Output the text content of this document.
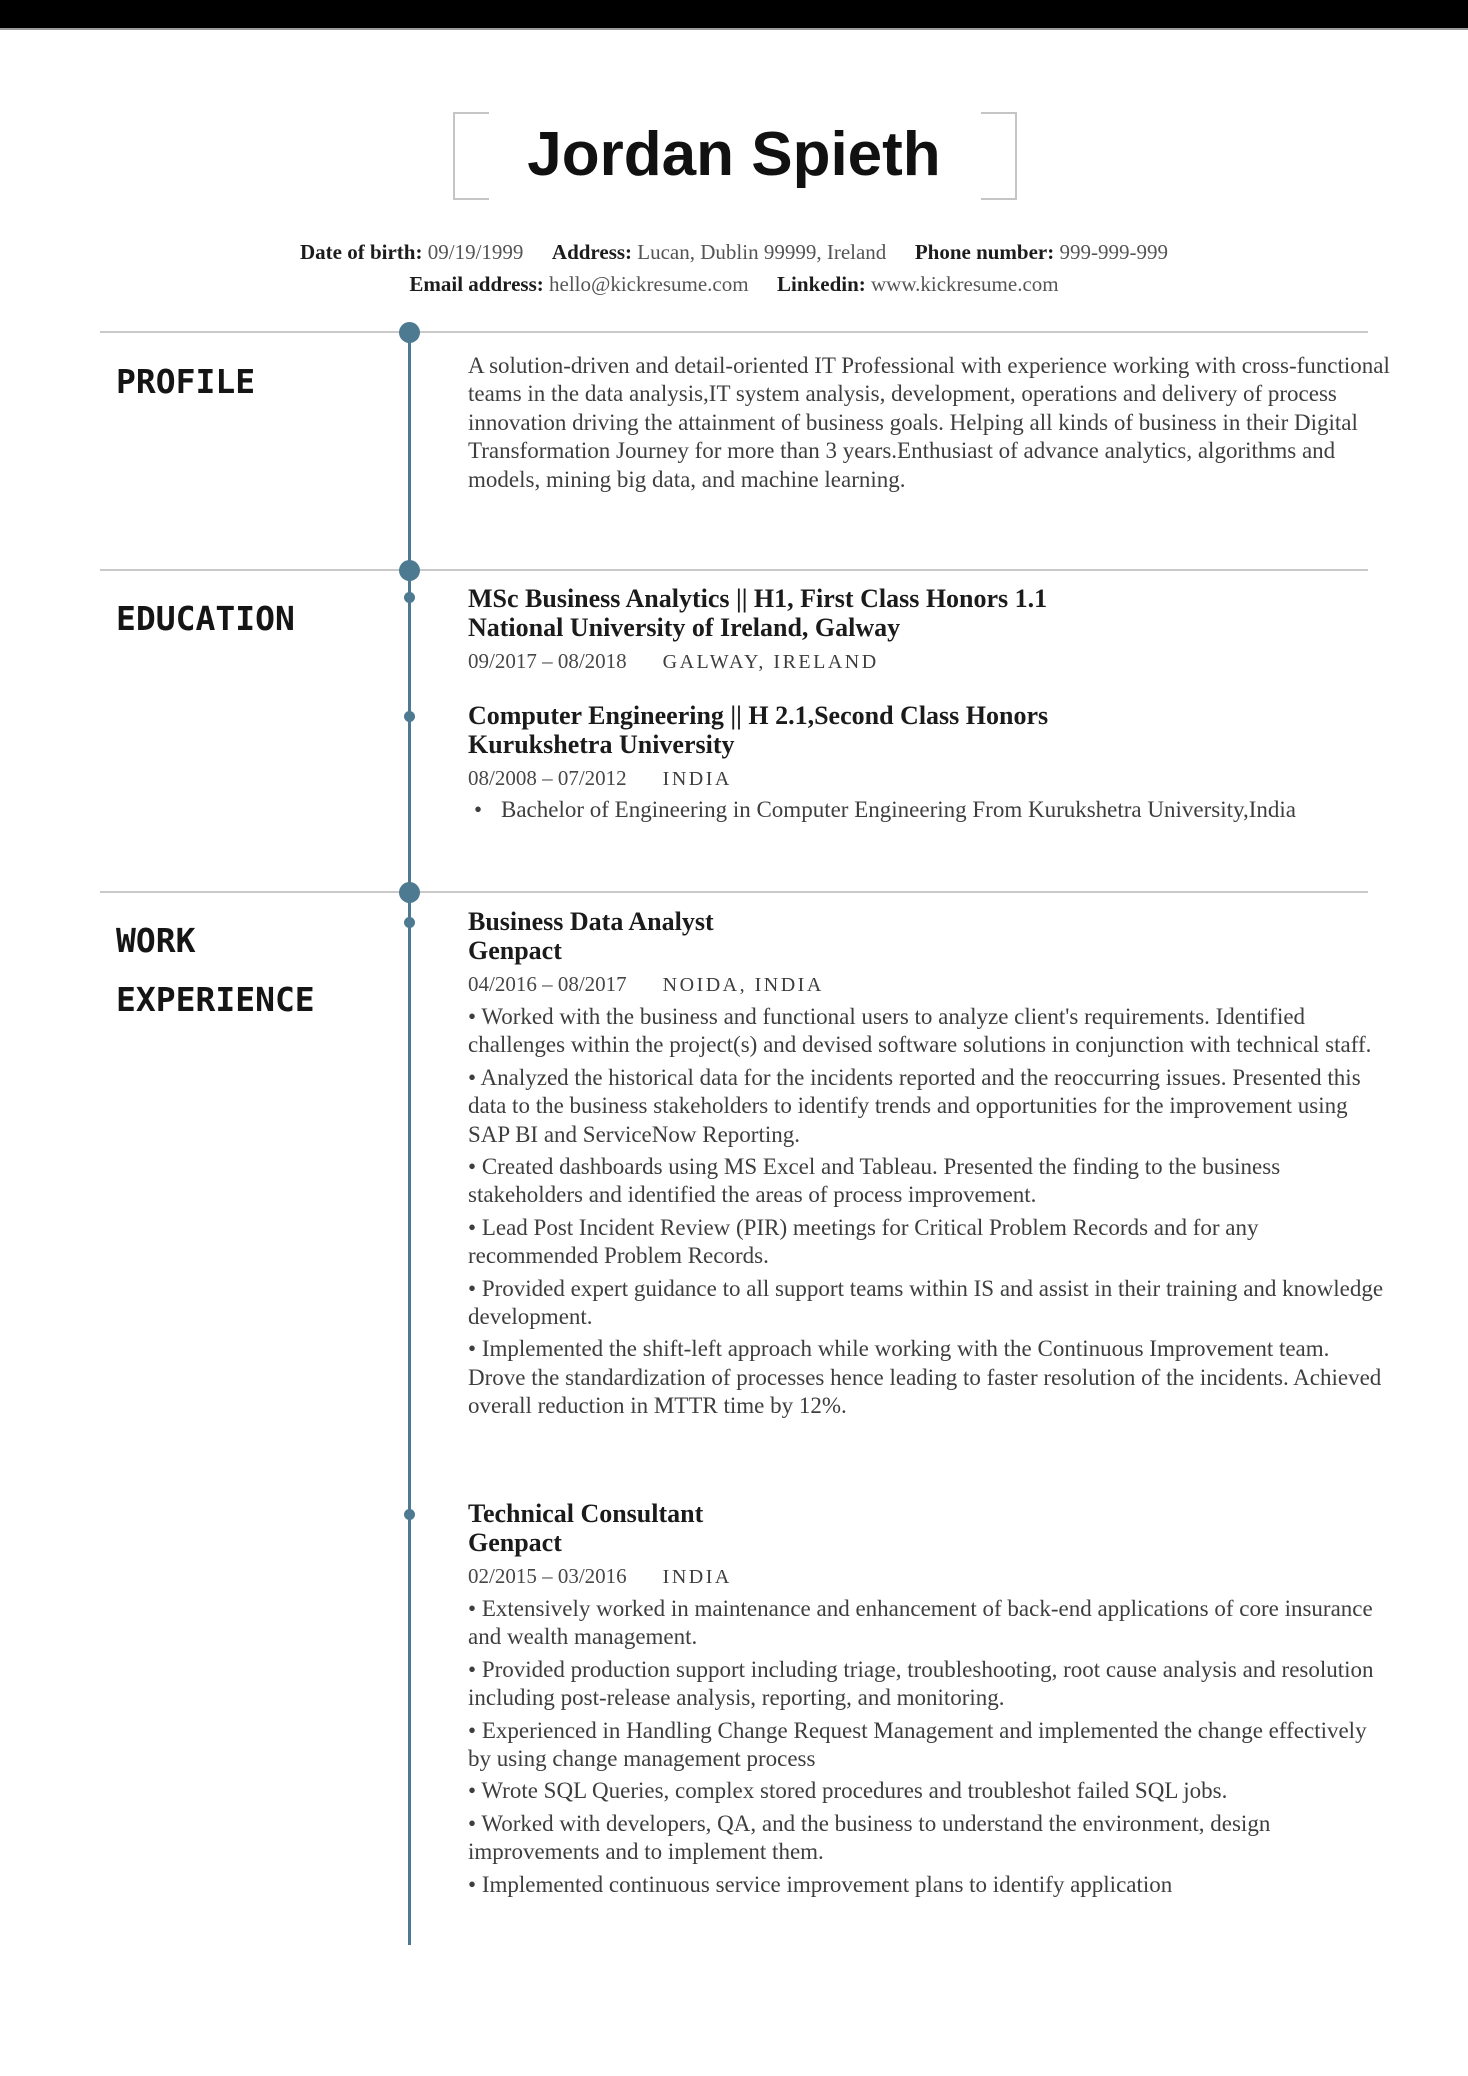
Jordan Spieth
Date of birth: 09/19/1999 Address: Lucan, Dublin 99999, Ireland Phone number: 999-999-999
Email address: hello@kickresume.com Linkedin: www.kickresume.com
PROFILE
EDUCATION
WORK EXPERIENCE
A solution-driven and detail-oriented IT Professional with experience working with cross-functional teams in the data analysis,IT system analysis, development, operations and delivery of process innovation driving the attainment of business goals. Helping all kinds of business in their Digital Transformation Journey for more than 3 years.Enthusiast of advance analytics, algorithms and models, mining big data, and machine learning.
MSc Business Analytics || H1, First Class Honors 1.1
National University of Ireland, Galway
09/2017 – 08/2018 GALWAY, IRELAND
Computer Engineering || H 2.1,Second Class Honors
Kurukshetra University
08/2008 – 07/2012 INDIA
• Bachelor of Engineering in Computer Engineering From Kurukshetra University,India
Business Data Analyst
Genpact
04/2016 – 08/2017 NOIDA, INDIA

• Worked with the business and functional users to analyze client's requirements. Identified challenges within the project(s) and devised software solutions in conjunction with technical staff.

• Analyzed the historical data for the incidents reported and the reoccurring issues. Presented this data to the business stakeholders to identify trends and opportunities for the improvement using SAP BI and ServiceNow Reporting.

• Created dashboards using MS Excel and Tableau. Presented the finding to the business stakeholders and identified the areas of process improvement.

• Lead Post Incident Review (PIR) meetings for Critical Problem Records and for any recommended Problem Records.

• Provided expert guidance to all support teams within IS and assist in their training and knowledge development.

• Implemented the shift-left approach while working with the Continuous Improvement team. Drove the standardization of processes hence leading to faster resolution of the incidents. Achieved overall reduction in MTTR time by 12%.

Technical Consultant
Genpact
02/2015 – 03/2016 INDIA

• Extensively worked in maintenance and enhancement of back-end applications of core insurance and wealth management.

• Provided production support including triage, troubleshooting, root cause analysis and resolution including post-release analysis, reporting, and monitoring.

• Experienced in Handling Change Request Management and implemented the change effectively by using change management process

• Wrote SQL Queries, complex stored procedures and troubleshot failed SQL jobs.

• Worked with developers, QA, and the business to understand the environment, design improvements and to implement them.

• Implemented continuous service improvement plans to identify application
